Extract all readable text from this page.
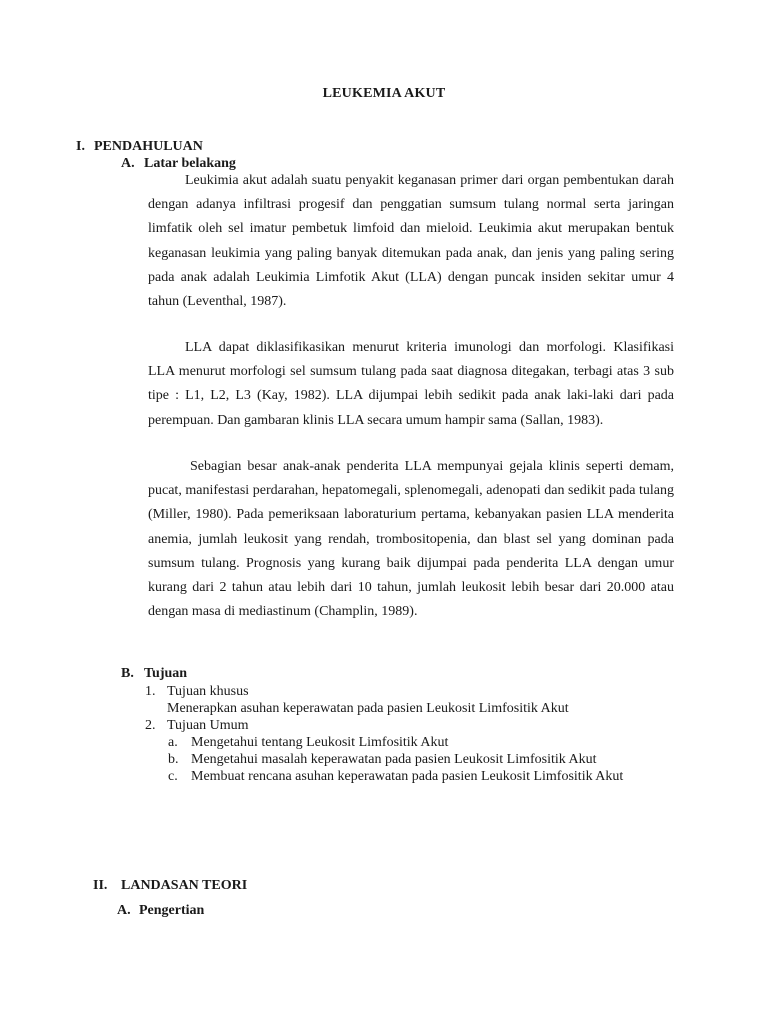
LEUKEMIA AKUT
I. PENDAHULUAN
A. Latar belakang
Leukimia akut adalah suatu penyakit keganasan primer dari organ pembentukan darah dengan adanya infiltrasi progesif dan penggatian sumsum tulang normal serta jaringan limfatik oleh sel imatur pembetuk limfoid dan mieloid. Leukimia akut merupakan bentuk keganasan leukimia yang paling banyak ditemukan pada anak, dan jenis yang paling sering pada anak adalah Leukimia Limfotik Akut (LLA) dengan puncak insiden sekitar umur 4 tahun (Leventhal, 1987).
LLA dapat diklasifikasikan menurut kriteria imunologi dan morfologi. Klasifikasi LLA menurut morfologi sel sumsum tulang pada saat diagnosa ditegakan, terbagi atas 3 sub tipe : L1, L2, L3 (Kay, 1982). LLA dijumpai lebih sedikit pada anak laki-laki dari pada perempuan. Dan gambaran klinis LLA secara umum hampir sama (Sallan, 1983).
Sebagian besar anak-anak penderita LLA mempunyai gejala klinis seperti demam, pucat, manifestasi perdarahan, hepatomegali, splenomegali, adenopati dan sedikit pada tulang (Miller, 1980). Pada pemeriksaan laboraturium pertama, kebanyakan pasien LLA menderita anemia, jumlah leukosit yang rendah, trombositopenia, dan blast sel yang dominan pada sumsum tulang. Prognosis yang kurang baik dijumpai pada penderita LLA dengan umur kurang dari 2 tahun atau lebih dari 10 tahun, jumlah leukosit lebih besar dari 20.000 atau dengan masa di mediastinum (Champlin, 1989).
B. Tujuan
1. Tujuan khusus
Menerapkan asuhan keperawatan pada pasien Leukosit Limfositik Akut
2. Tujuan Umum
a. Mengetahui tentang Leukosit Limfositik Akut
b. Mengetahui masalah keperawatan pada pasien Leukosit Limfositik Akut
c. Membuat rencana asuhan keperawatan pada pasien Leukosit Limfositik Akut
II. LANDASAN TEORI
A. Pengertian
